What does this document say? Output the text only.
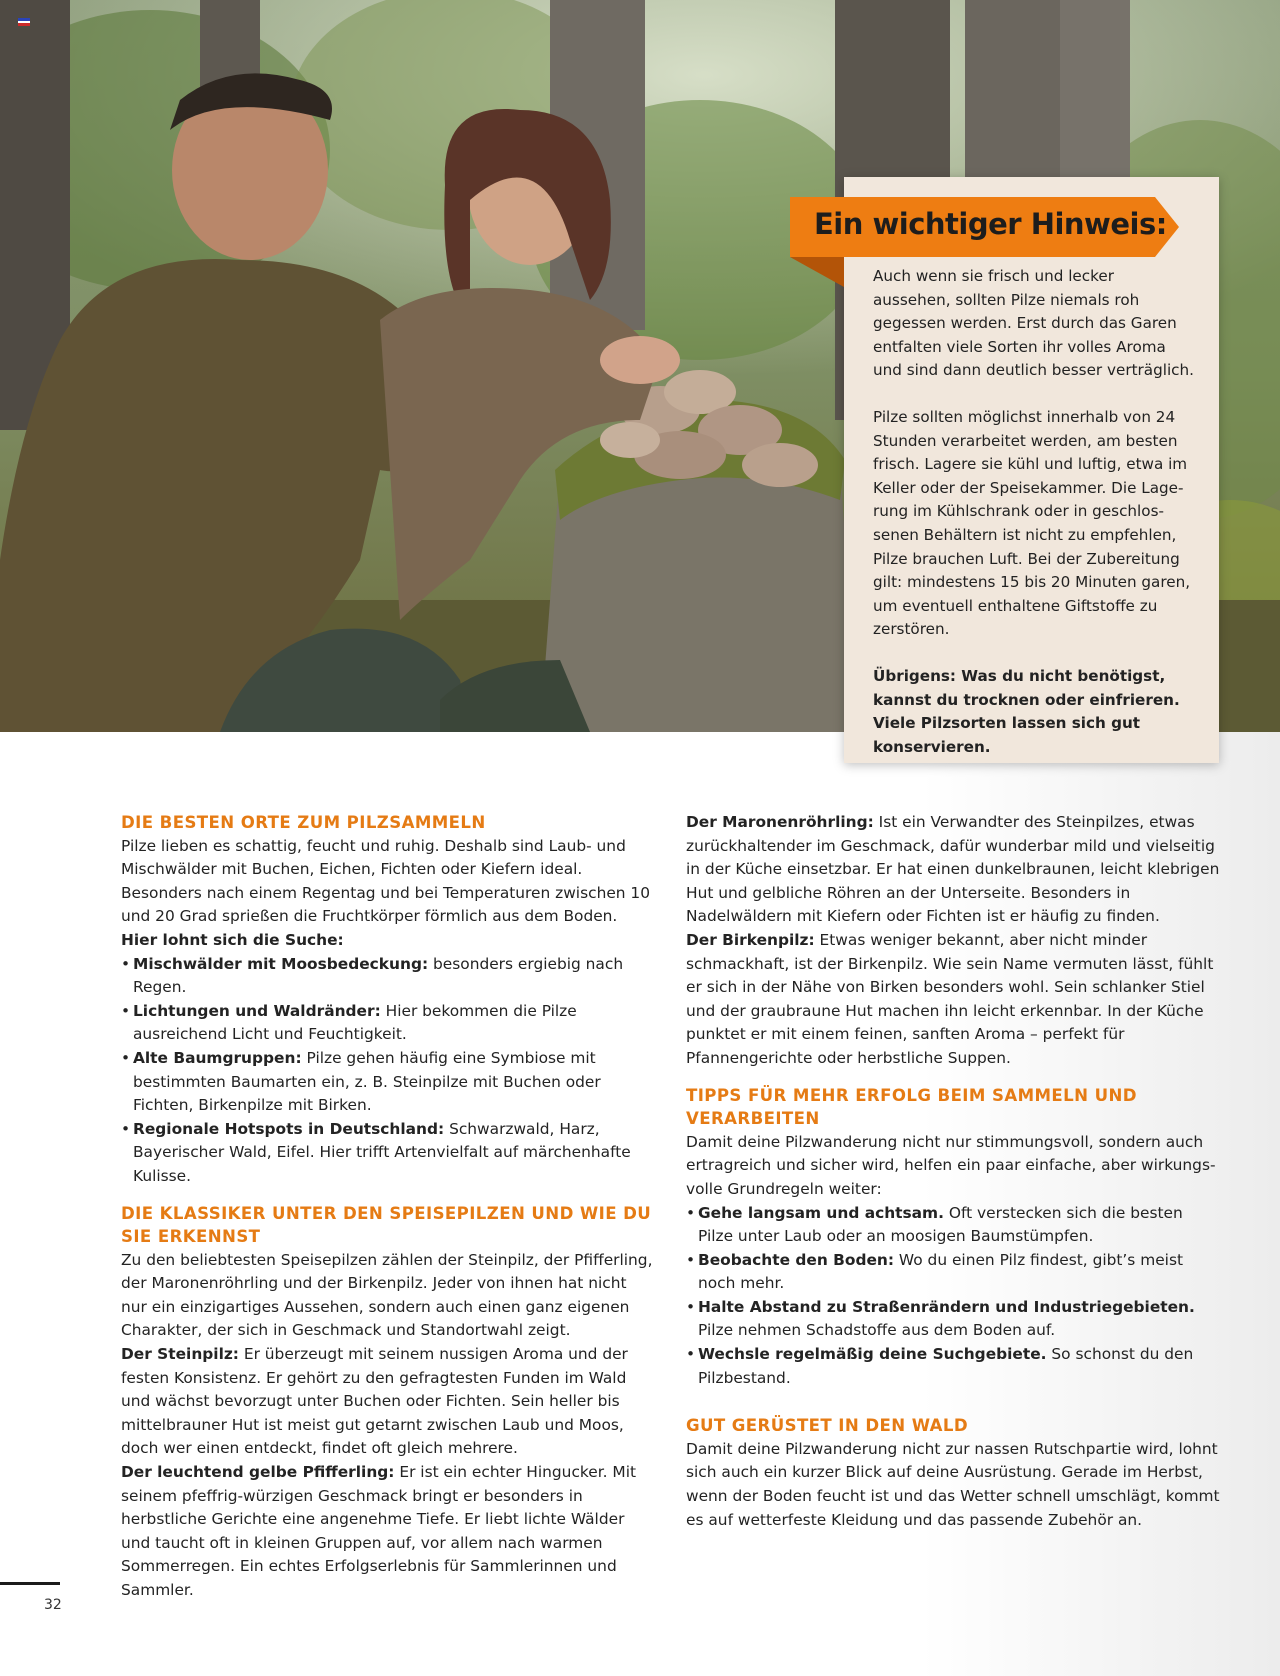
Ein wichtiger Hinweis:

Auch wenn sie frisch und lecker aussehen, sollten Pilze niemals roh gegessen werden. Erst durch das Garen entfalten viele Sorten ihr volles Aroma und sind dann deutlich besser verträglich.

Pilze sollten möglichst innerhalb von 24 Stunden verarbeitet werden, am besten frisch. Lagere sie kühl und luftig, etwa im Keller oder der Speisekammer. Die Lagerung im Kühlschrank oder in geschlossenen Behältern ist nicht zu empfehlen, Pilze brauchen Luft. Bei der Zubereitung gilt: mindestens 15 bis 20 Minuten garen, um eventuell enthaltene Giftstoffe zu zerstören.

Übrigens: Was du nicht benötigst, kannst du trocknen oder einfrieren. Viele Pilzsorten lassen sich gut konservieren.

DIE BESTEN ORTE ZUM PILZSAMMELN

Pilze lieben es schattig, feucht und ruhig. Deshalb sind Laub- und Mischwälder mit Buchen, Eichen, Fichten oder Kiefern ideal. Besonders nach einem Regentag und bei Temperaturen zwischen 10 und 20 Grad sprießen die Fruchtkörper förmlich aus dem Boden.

Hier lohnt sich die Suche:

• Mischwälder mit Moosbedeckung: besonders ergiebig nach Regen.
• Lichtungen und Waldränder: Hier bekommen die Pilze ausreichend Licht und Feuchtigkeit.
• Alte Baumgruppen: Pilze gehen häufig eine Symbiose mit bestimmten Baumarten ein, z. B. Steinpilze mit Buchen oder Fichten, Birkenpilze mit Birken.
• Regionale Hotspots in Deutschland: Schwarzwald, Harz, Bayerischer Wald, Eifel. Hier trifft Artenvielfalt auf märchenhafte Kulisse.
DIE KLASSIKER UNTER DEN SPEISEPILZEN UND WIE DU SIE ERKENNST

Zu den beliebtesten Speisepilzen zählen der Steinpilz, der Pfifferling, der Maronenröhrling und der Birkenpilz. Jeder von ihnen hat nicht nur ein einzigartiges Aussehen, sondern auch einen ganz eigenen Charakter, der sich in Geschmack und Standortwahl zeigt.

Der Steinpilz: Er überzeugt mit seinem nussigen Aroma und der festen Konsistenz. Er gehört zu den gefragtesten Funden im Wald und wächst bevorzugt unter Buchen oder Fichten. Sein heller bis mittelbrauner Hut ist meist gut getarnt zwischen Laub und Moos, doch wer einen entdeckt, findet oft gleich mehrere.

Der leuchtend gelbe Pfifferling: Er ist ein echter Hingucker. Mit seinem pfeffrig-würzigen Geschmack bringt er besonders in herbstliche Gerichte eine angenehme Tiefe. Er liebt lichte Wälder und taucht oft in kleinen Gruppen auf, vor allem nach warmen Sommerregen. Ein echtes Erfolgserlebnis für Sammlerinnen und Sammler.

Der Maronenröhrling: Ist ein Verwandter des Steinpilzes, etwas zurückhaltender im Geschmack, dafür wunderbar mild und vielseitig in der Küche einsetzbar. Er hat einen dunkelbraunen, leicht klebrigen Hut und gelbliche Röhren an der Unterseite. Besonders in Nadelwäldern mit Kiefern oder Fichten ist er häufig zu finden.

Der Birkenpilz: Etwas weniger bekannt, aber nicht minder schmackhaft, ist der Birkenpilz. Wie sein Name vermuten lässt, fühlt er sich in der Nähe von Birken besonders wohl. Sein schlanker Stiel und der graubraune Hut machen ihn leicht erkennbar. In der Küche punktet er mit einem feinen, sanften Aroma – perfekt für Pfannengerichte oder herbstliche Suppen.

TIPPS FÜR MEHR ERFOLG BEIM SAMMELN UND VERARBEITEN

Damit deine Pilzwanderung nicht nur stimmungsvoll, sondern auch ertragreich und sicher wird, helfen ein paar einfache, aber wirkungsvolle Grundregeln weiter:

• Gehe langsam und achtsam. Oft verstecken sich die besten Pilze unter Laub oder an moosigen Baumstümpfen.
• Beobachte den Boden: Wo du einen Pilz findest, gibt’s meist noch mehr.
• Halte Abstand zu Straßenrändern und Industriegebieten. Pilze nehmen Schadstoffe aus dem Boden auf.
• Wechsle regelmäßig deine Suchgebiete. So schonst du den Pilzbestand.
GUT GERÜSTET IN DEN WALD

Damit deine Pilzwanderung nicht zur nassen Rutschpartie wird, lohnt sich auch ein kurzer Blick auf deine Ausrüstung. Gerade im Herbst, wenn der Boden feucht ist und das Wetter schnell umschlägt, kommt es auf wetterfeste Kleidung und das passende Zubehör an.

32
